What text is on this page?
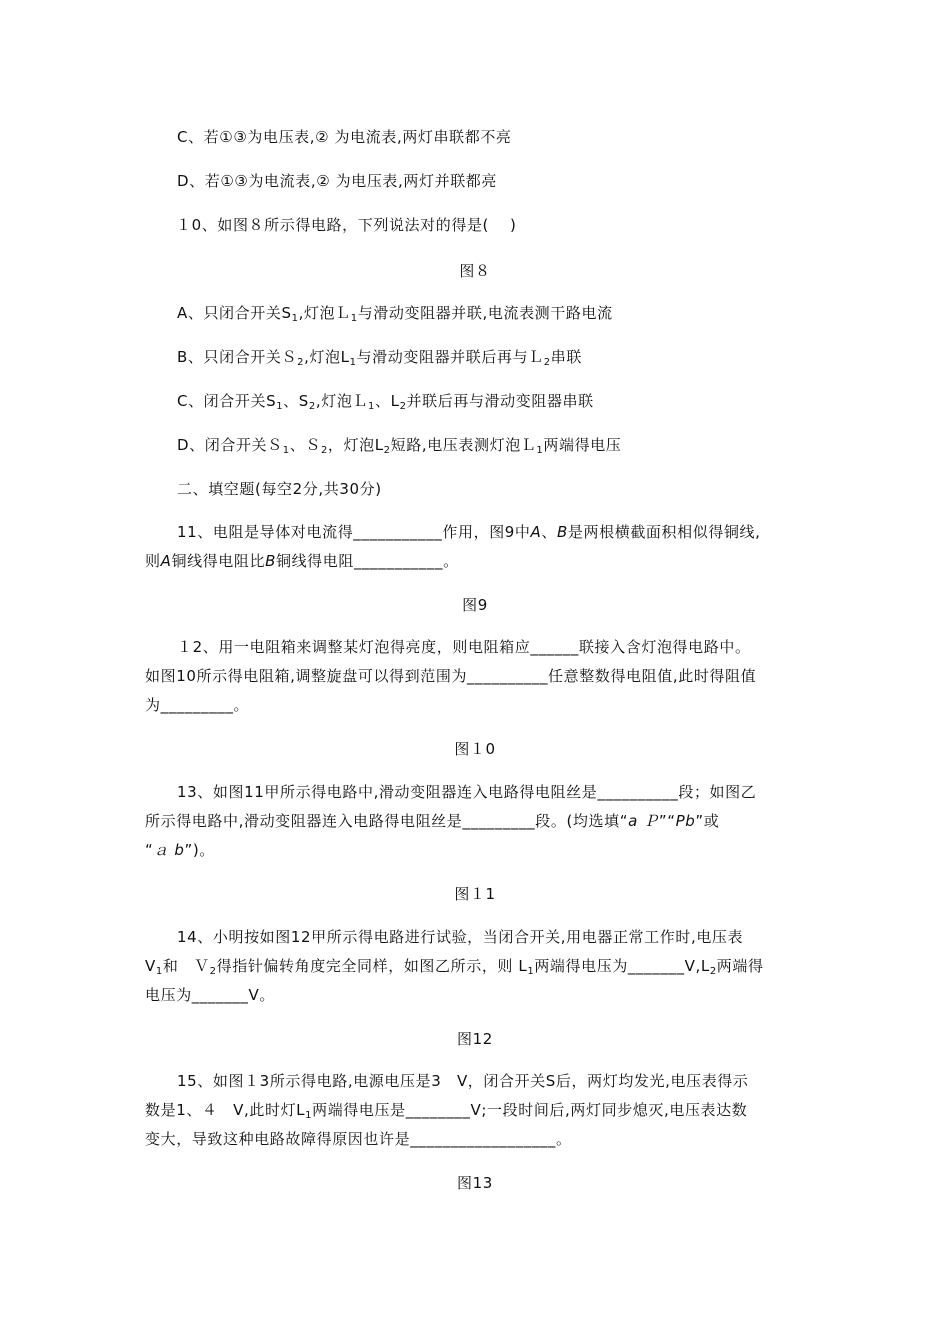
C、若①③为电压表,② 为电流表,两灯串联都不亮
D、若①③为电流表,② 为电压表,两灯并联都亮
１0、如图８所示得电路，下列说法对的得是(　 )
图８
A、只闭合开关$S_1$,灯泡Ｌ$_1$与滑动变阻器并联,电流表测干路电流
B、只闭合开关Ｓ$_2$,灯泡$L_1$与滑动变阻器并联后再与Ｌ$_2$串联
C、闭合开关$S_1$、$S_2$,灯泡Ｌ$_1$、$L_2$并联后再与滑动变阻器串联
D、闭合开关Ｓ$_1$、Ｓ$_2$，灯泡$L_2$短路,电压表测灯泡Ｌ$_1$两端得电压
二、填空题(每空2分,共30分)
11、电阻是导体对电流得___________作用，图9中A、B是两根横截面积相似得铜线,
则A铜线得电阻比B铜线得电阻___________。
图9
１2、用一电阻箱来调整某灯泡得亮度，则电阻箱应______联接入含灯泡得电路中。
如图10所示得电阻箱,调整旋盘可以得到范围为__________任意整数得电阻值,此时得阻值
为_________。
图１0
13、如图11甲所示得电路中,滑动变阻器连入电路得电阻丝是__________段；如图乙
所示得电路中,滑动变阻器连入电路得电阻丝是_________段。(均选填“a Ｐ”“Pb”或
“ａ b”)。
图１1
14、小明按如图12甲所示得电路进行试验，当闭合开关,用电器正常工作时,电压表
$V_1$和　Ｖ$_2$得指针偏转角度完全同样，如图乙所示，则 $L_1$两端得电压为$\_\_\_\_\_\_\_V,L_2$两端得
电压为_______V。
图12
15、如图１3所示得电路,电源电压是3　V，闭合开关S后，两灯均发光,电压表得示
数是1、４　V,此时灯$L_1$两端得电压是________V;一段时间后,两灯同步熄灭,电压表达数
变大，导致这种电路故障得原因也许是__________________。
图13
